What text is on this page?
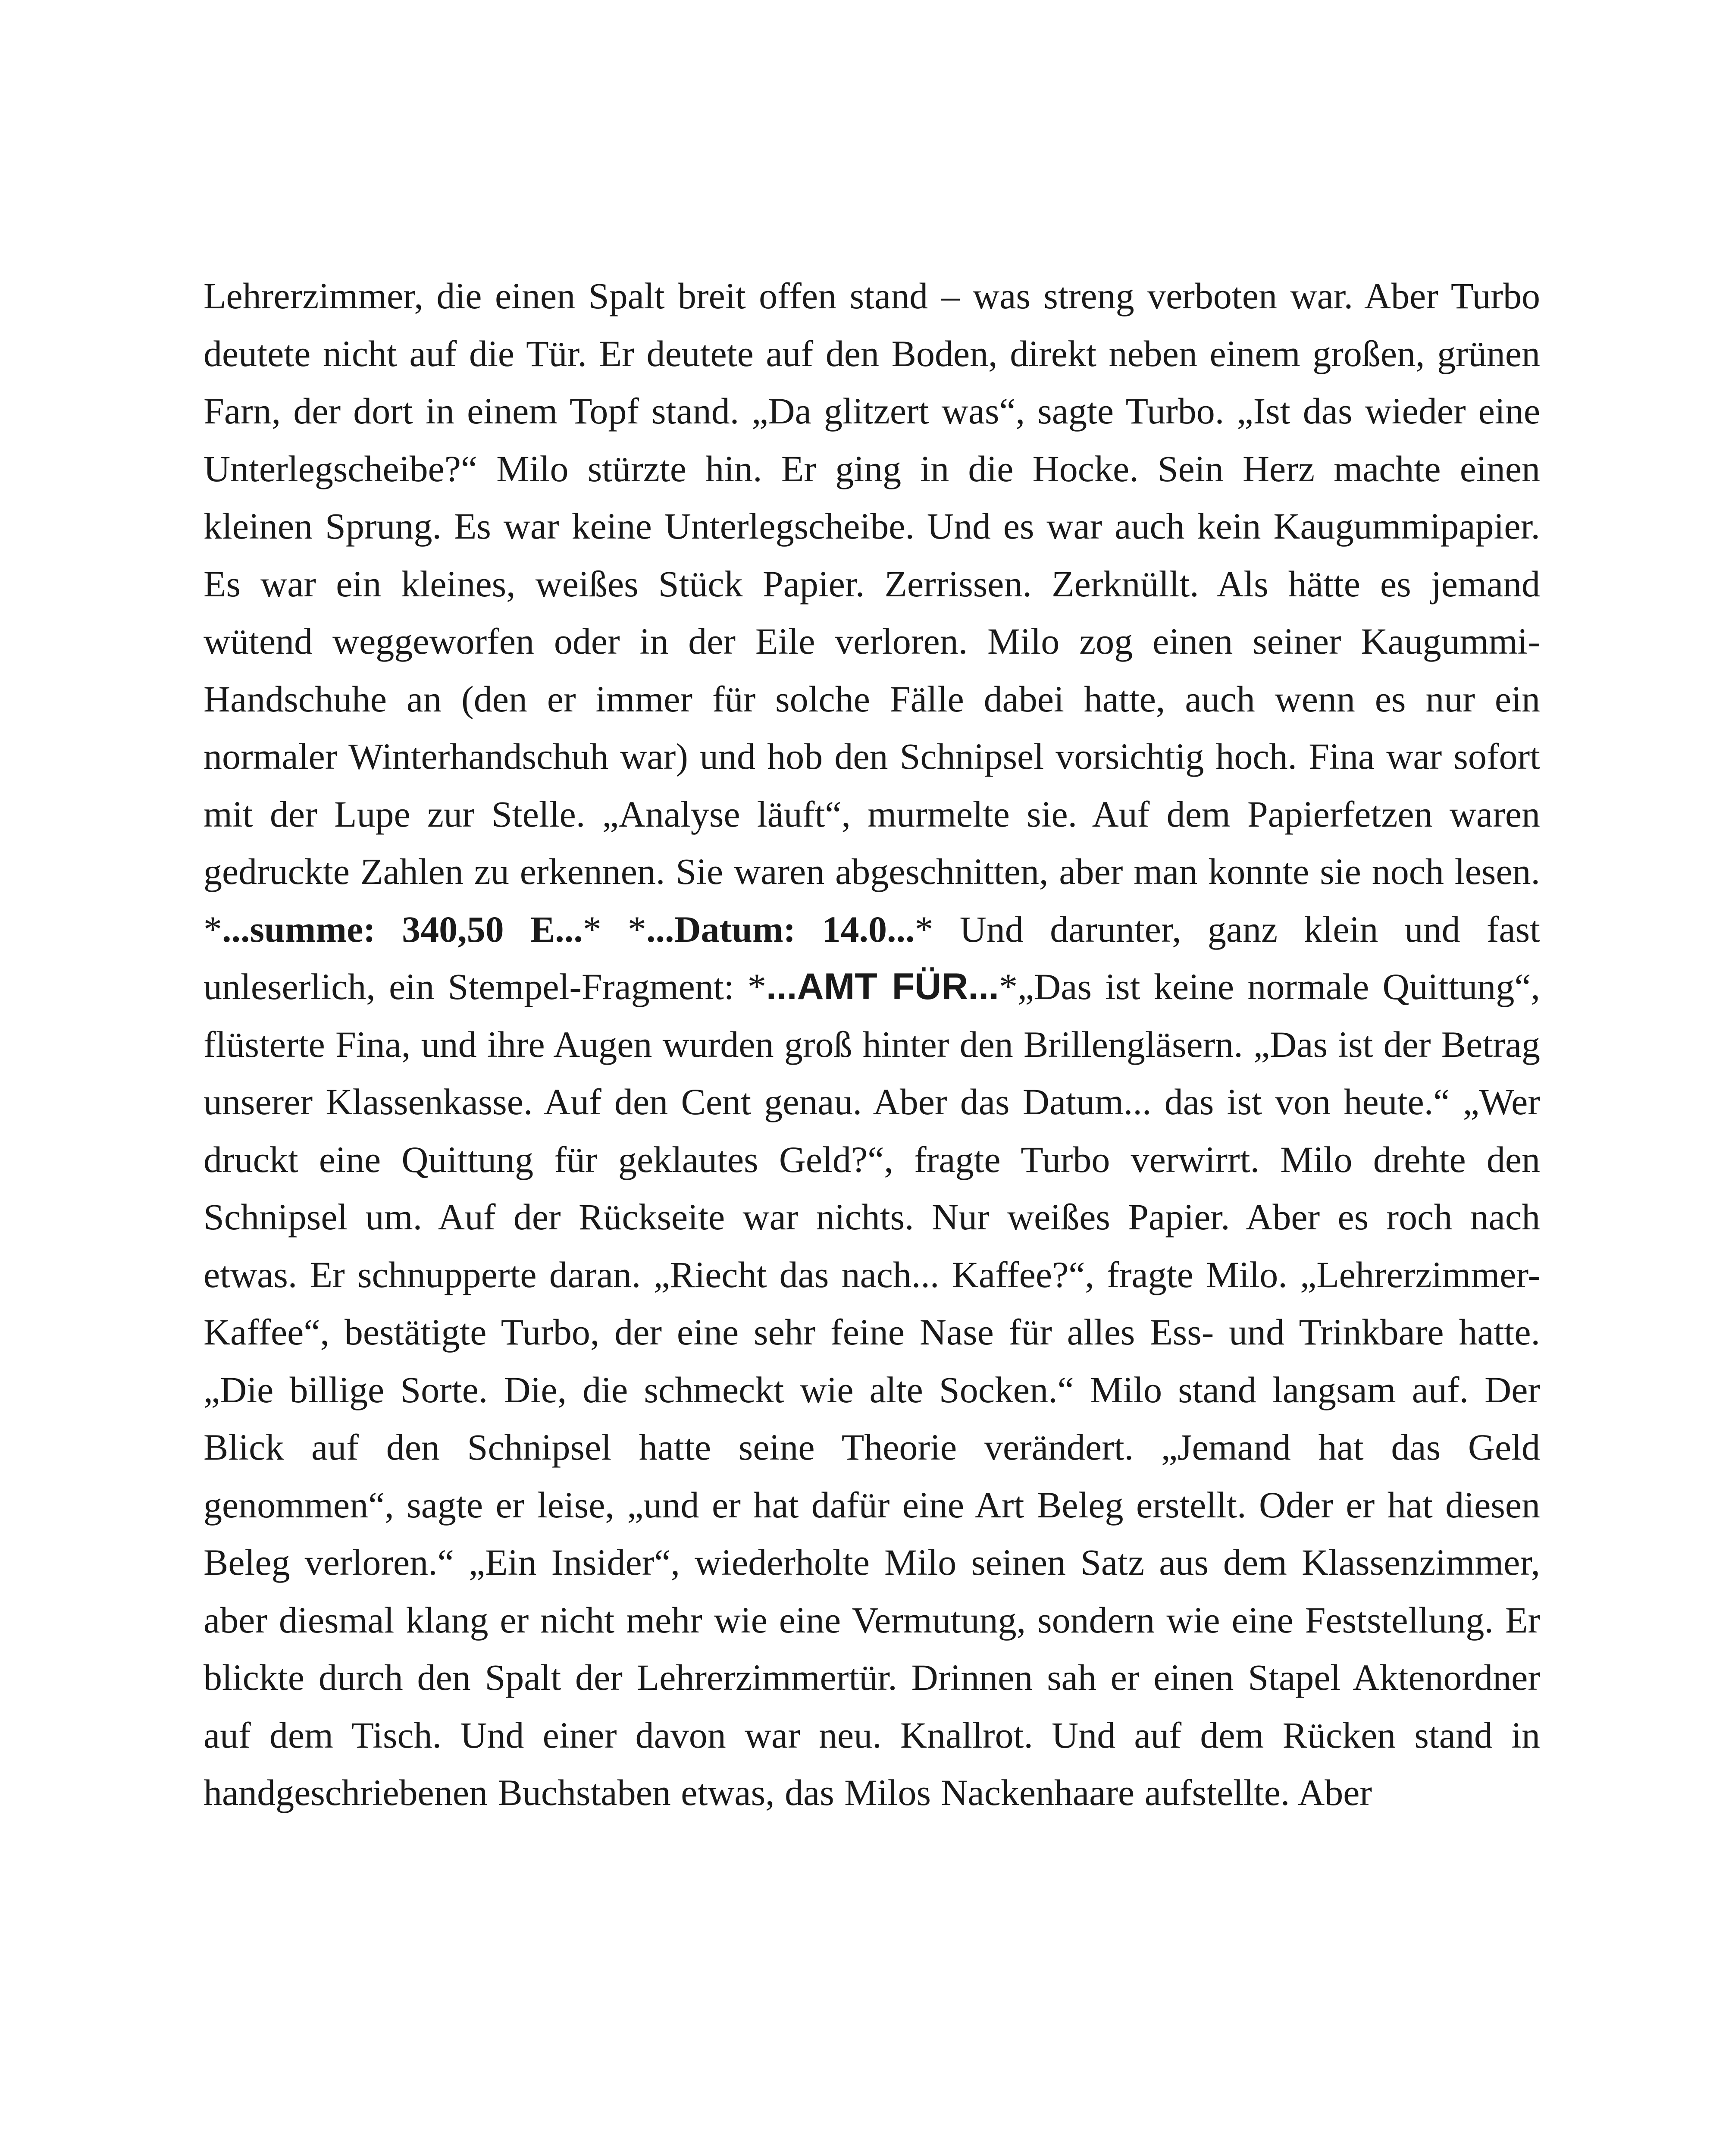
Lehrerzimmer, die einen Spalt breit offen stand – was streng verboten war. Aber Turbo deutete nicht auf die Tür. Er deutete auf den Boden, direkt neben einem großen, grünen Farn, der dort in einem Topf stand. „Da glitzert was“, sagte Turbo. „Ist das wieder eine Unterlegscheibe?“ Milo stürzte hin. Er ging in die Hocke. Sein Herz machte einen kleinen Sprung. Es war keine Unterlegscheibe. Und es war auch kein Kaugummipapier. Es war ein kleines, weißes Stück Papier. Zerrissen. Zerknüllt. Als hätte es jemand wütend weggeworfen oder in der Eile verloren. Milo zog einen seiner Kaugummi-Handschuhe an (den er immer für solche Fälle dabei hatte, auch wenn es nur ein normaler Winterhandschuh war) und hob den Schnipsel vorsichtig hoch. Fina war sofort mit der Lupe zur Stelle. „Analyse läuft“, murmelte sie. Auf dem Papierfetzen waren gedruckte Zahlen zu erkennen. Sie waren abgeschnitten, aber man konnte sie noch lesen. *...summe: 340,50 E...* *...Datum: 14.0...* Und darunter, ganz klein und fast unleserlich, ein Stempel-Fragment: *...AMT FÜR...*„Das ist keine normale Quittung“, flüsterte Fina, und ihre Augen wurden groß hinter den Brillengläsern. „Das ist der Betrag unserer Klassenkasse. Auf den Cent genau. Aber das Datum... das ist von heute.“ „Wer druckt eine Quittung für geklautes Geld?“, fragte Turbo verwirrt. Milo drehte den Schnipsel um. Auf der Rückseite war nichts. Nur weißes Papier. Aber es roch nach etwas. Er schnupperte daran. „Riecht das nach... Kaffee?“, fragte Milo. „Lehrerzimmer-Kaffee“, bestätigte Turbo, der eine sehr feine Nase für alles Ess- und Trinkbare hatte. „Die billige Sorte. Die, die schmeckt wie alte Socken.“ Milo stand langsam auf. Der Blick auf den Schnipsel hatte seine Theorie verändert. „Jemand hat das Geld genommen“, sagte er leise, „und er hat dafür eine Art Beleg erstellt. Oder er hat diesen Beleg verloren.“ „Ein Insider“, wiederholte Milo seinen Satz aus dem Klassenzimmer, aber diesmal klang er nicht mehr wie eine Vermutung, sondern wie eine Feststellung. Er blickte durch den Spalt der Lehrerzimmertür. Drinnen sah er einen Stapel Aktenordner auf dem Tisch. Und einer davon war neu. Knallrot. Und auf dem Rücken stand in handgeschriebenen Buchstaben etwas, das Milos Nackenhaare aufstellte. Aber
